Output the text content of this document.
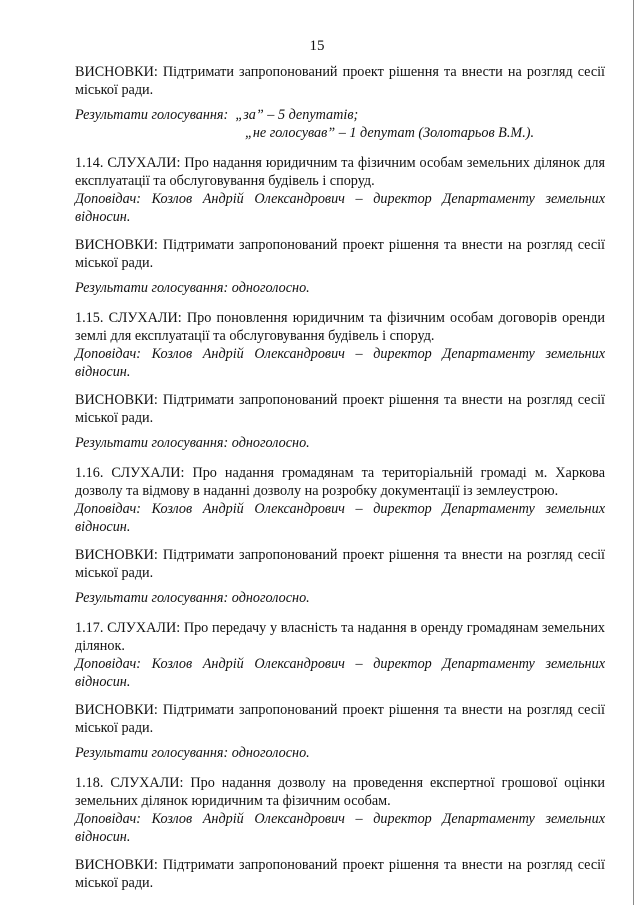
15

ВИСНОВКИ: Підтримати запропонований проект рішення та внести на розгляд сесії міської ради.

Результати голосування: „за” – 5 депутатів;

„не голосував” – 1 депутат (Золотарьов В.М.).

1.14. СЛУХАЛИ: Про надання юридичним та фізичним особам земельних ділянок для експлуатації та обслуговування будівель і споруд.

Доповідач: Козлов Андрій Олександрович – директор Департаменту земельних відносин.

ВИСНОВКИ: Підтримати запропонований проект рішення та внести на розгляд сесії міської ради.

Результати голосування: одноголосно.

1.15. СЛУХАЛИ: Про поновлення юридичним та фізичним особам договорів оренди землі для експлуатації та обслуговування будівель і споруд.

Доповідач: Козлов Андрій Олександрович – директор Департаменту земельних відносин.

ВИСНОВКИ: Підтримати запропонований проект рішення та внести на розгляд сесії міської ради.

Результати голосування: одноголосно.

1.16. СЛУХАЛИ: Про надання громадянам та територіальній громаді м. Харкова дозволу та відмову в наданні дозволу на розробку документації із землеустрою.

Доповідач: Козлов Андрій Олександрович – директор Департаменту земельних відносин.

ВИСНОВКИ: Підтримати запропонований проект рішення та внести на розгляд сесії міської ради.

Результати голосування: одноголосно.

1.17. СЛУХАЛИ: Про передачу у власність та надання в оренду громадянам земельних ділянок.

Доповідач: Козлов Андрій Олександрович – директор Департаменту земельних відносин.

ВИСНОВКИ: Підтримати запропонований проект рішення та внести на розгляд сесії міської ради.

Результати голосування: одноголосно.

1.18. СЛУХАЛИ: Про надання дозволу на проведення експертної грошової оцінки земельних ділянок юридичним та фізичним особам.

Доповідач: Козлов Андрій Олександрович – директор Департаменту земельних відносин.

ВИСНОВКИ: Підтримати запропонований проект рішення та внести на розгляд сесії міської ради.
